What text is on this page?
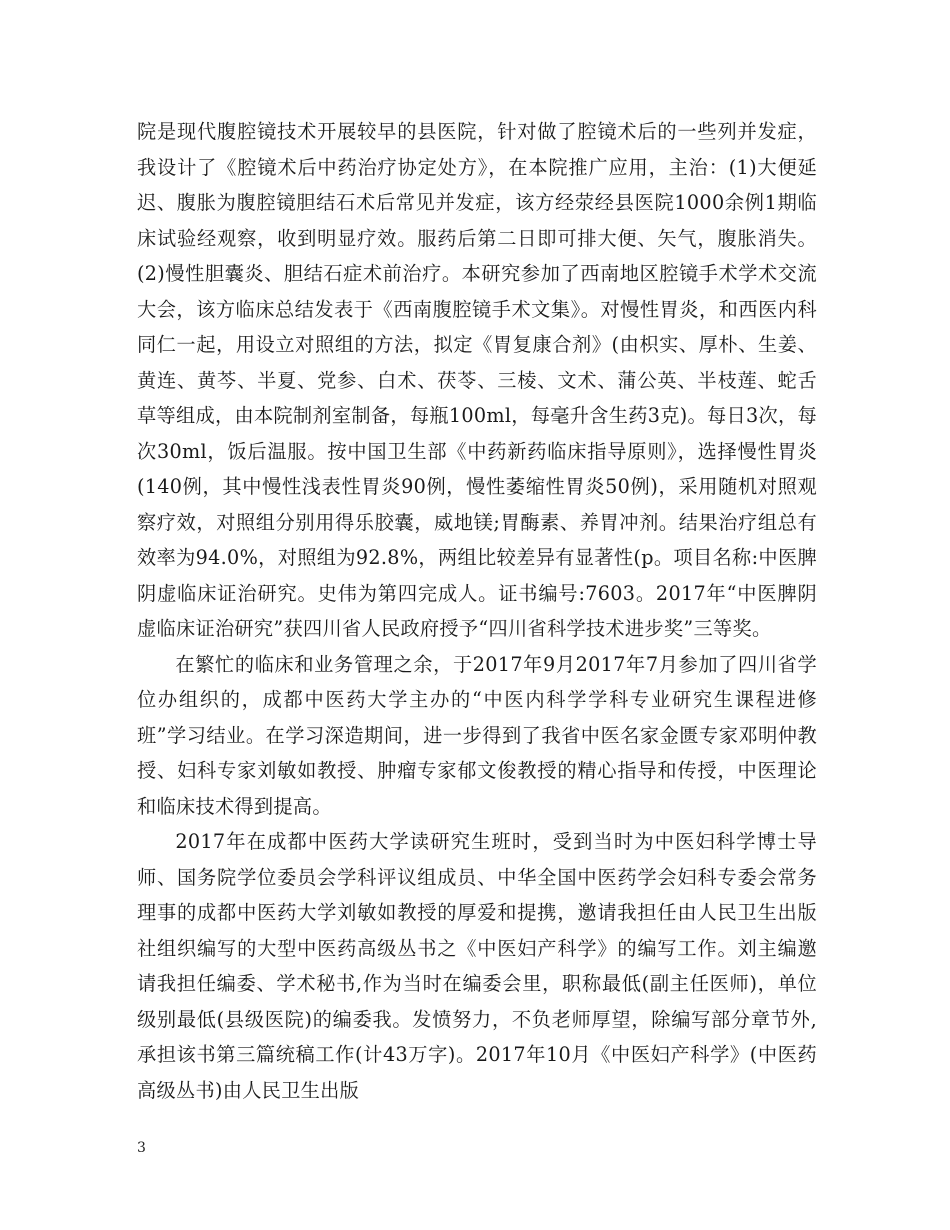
院是现代腹腔镜技术开展较早的县医院，针对做了腔镜术后的一些列并发症，我设计了《腔镜术后中药治疗协定处方》，在本院推广应用，主治：(1)大便延迟、腹胀为腹腔镜胆结石术后常见并发症，该方经荥经县医院1000余例1期临床试验经观察，收到明显疗效。服药后第二日即可排大便、矢气，腹胀消失。(2)慢性胆囊炎、胆结石症术前治疗。本研究参加了西南地区腔镜手术学术交流大会，该方临床总结发表于《西南腹腔镜手术文集》。对慢性胃炎，和西医内科同仁一起，用设立对照组的方法，拟定《胃复康合剂》(由枳实、厚朴、生姜、黄连、黄芩、半夏、党参、白术、茯苓、三棱、文术、蒲公英、半枝莲、蛇舌草等组成，由本院制剂室制备，每瓶100ml，每毫升含生药3克)。每日3次，每次30ml，饭后温服。按中国卫生部《中药新药临床指导原则》，选择慢性胃炎(140例，其中慢性浅表性胃炎90例，慢性萎缩性胃炎50例)，采用随机对照观察疗效，对照组分别用得乐胶囊，威地镁;胃酶素、养胃冲剂。结果治疗组总有效率为94.0%，对照组为92.8%，两组比较差异有显著性(p。项目名称:中医脾阴虚临床证治研究。史伟为第四完成人。证书编号:7603。2017年“中医脾阴虚临床证治研究”获四川省人民政府授予“四川省科学技术进步奖”三等奖。

在繁忙的临床和业务管理之余，于2017年9月2017年7月参加了四川省学位办组织的，成都中医药大学主办的“中医内科学学科专业研究生课程进修班”学习结业。在学习深造期间，进一步得到了我省中医名家金匮专家邓明仲教授、妇科专家刘敏如教授、肿瘤专家郁文俊教授的精心指导和传授，中医理论和临床技术得到提高。

2017年在成都中医药大学读研究生班时，受到当时为中医妇科学博士导师、国务院学位委员会学科评议组成员、中华全国中医药学会妇科专委会常务理事的成都中医药大学刘敏如教授的厚爱和提携，邀请我担任由人民卫生出版社组织编写的大型中医药高级丛书之《中医妇产科学》的编写工作。刘主编邀请我担任编委、学术秘书,作为当时在编委会里，职称最低(副主任医师)，单位级别最低(县级医院)的编委我。发愤努力，不负老师厚望，除编写部分章节外,承担该书第三篇统稿工作(计43万字)。2017年10月《中医妇产科学》(中医药高级丛书)由人民卫生出版

3
